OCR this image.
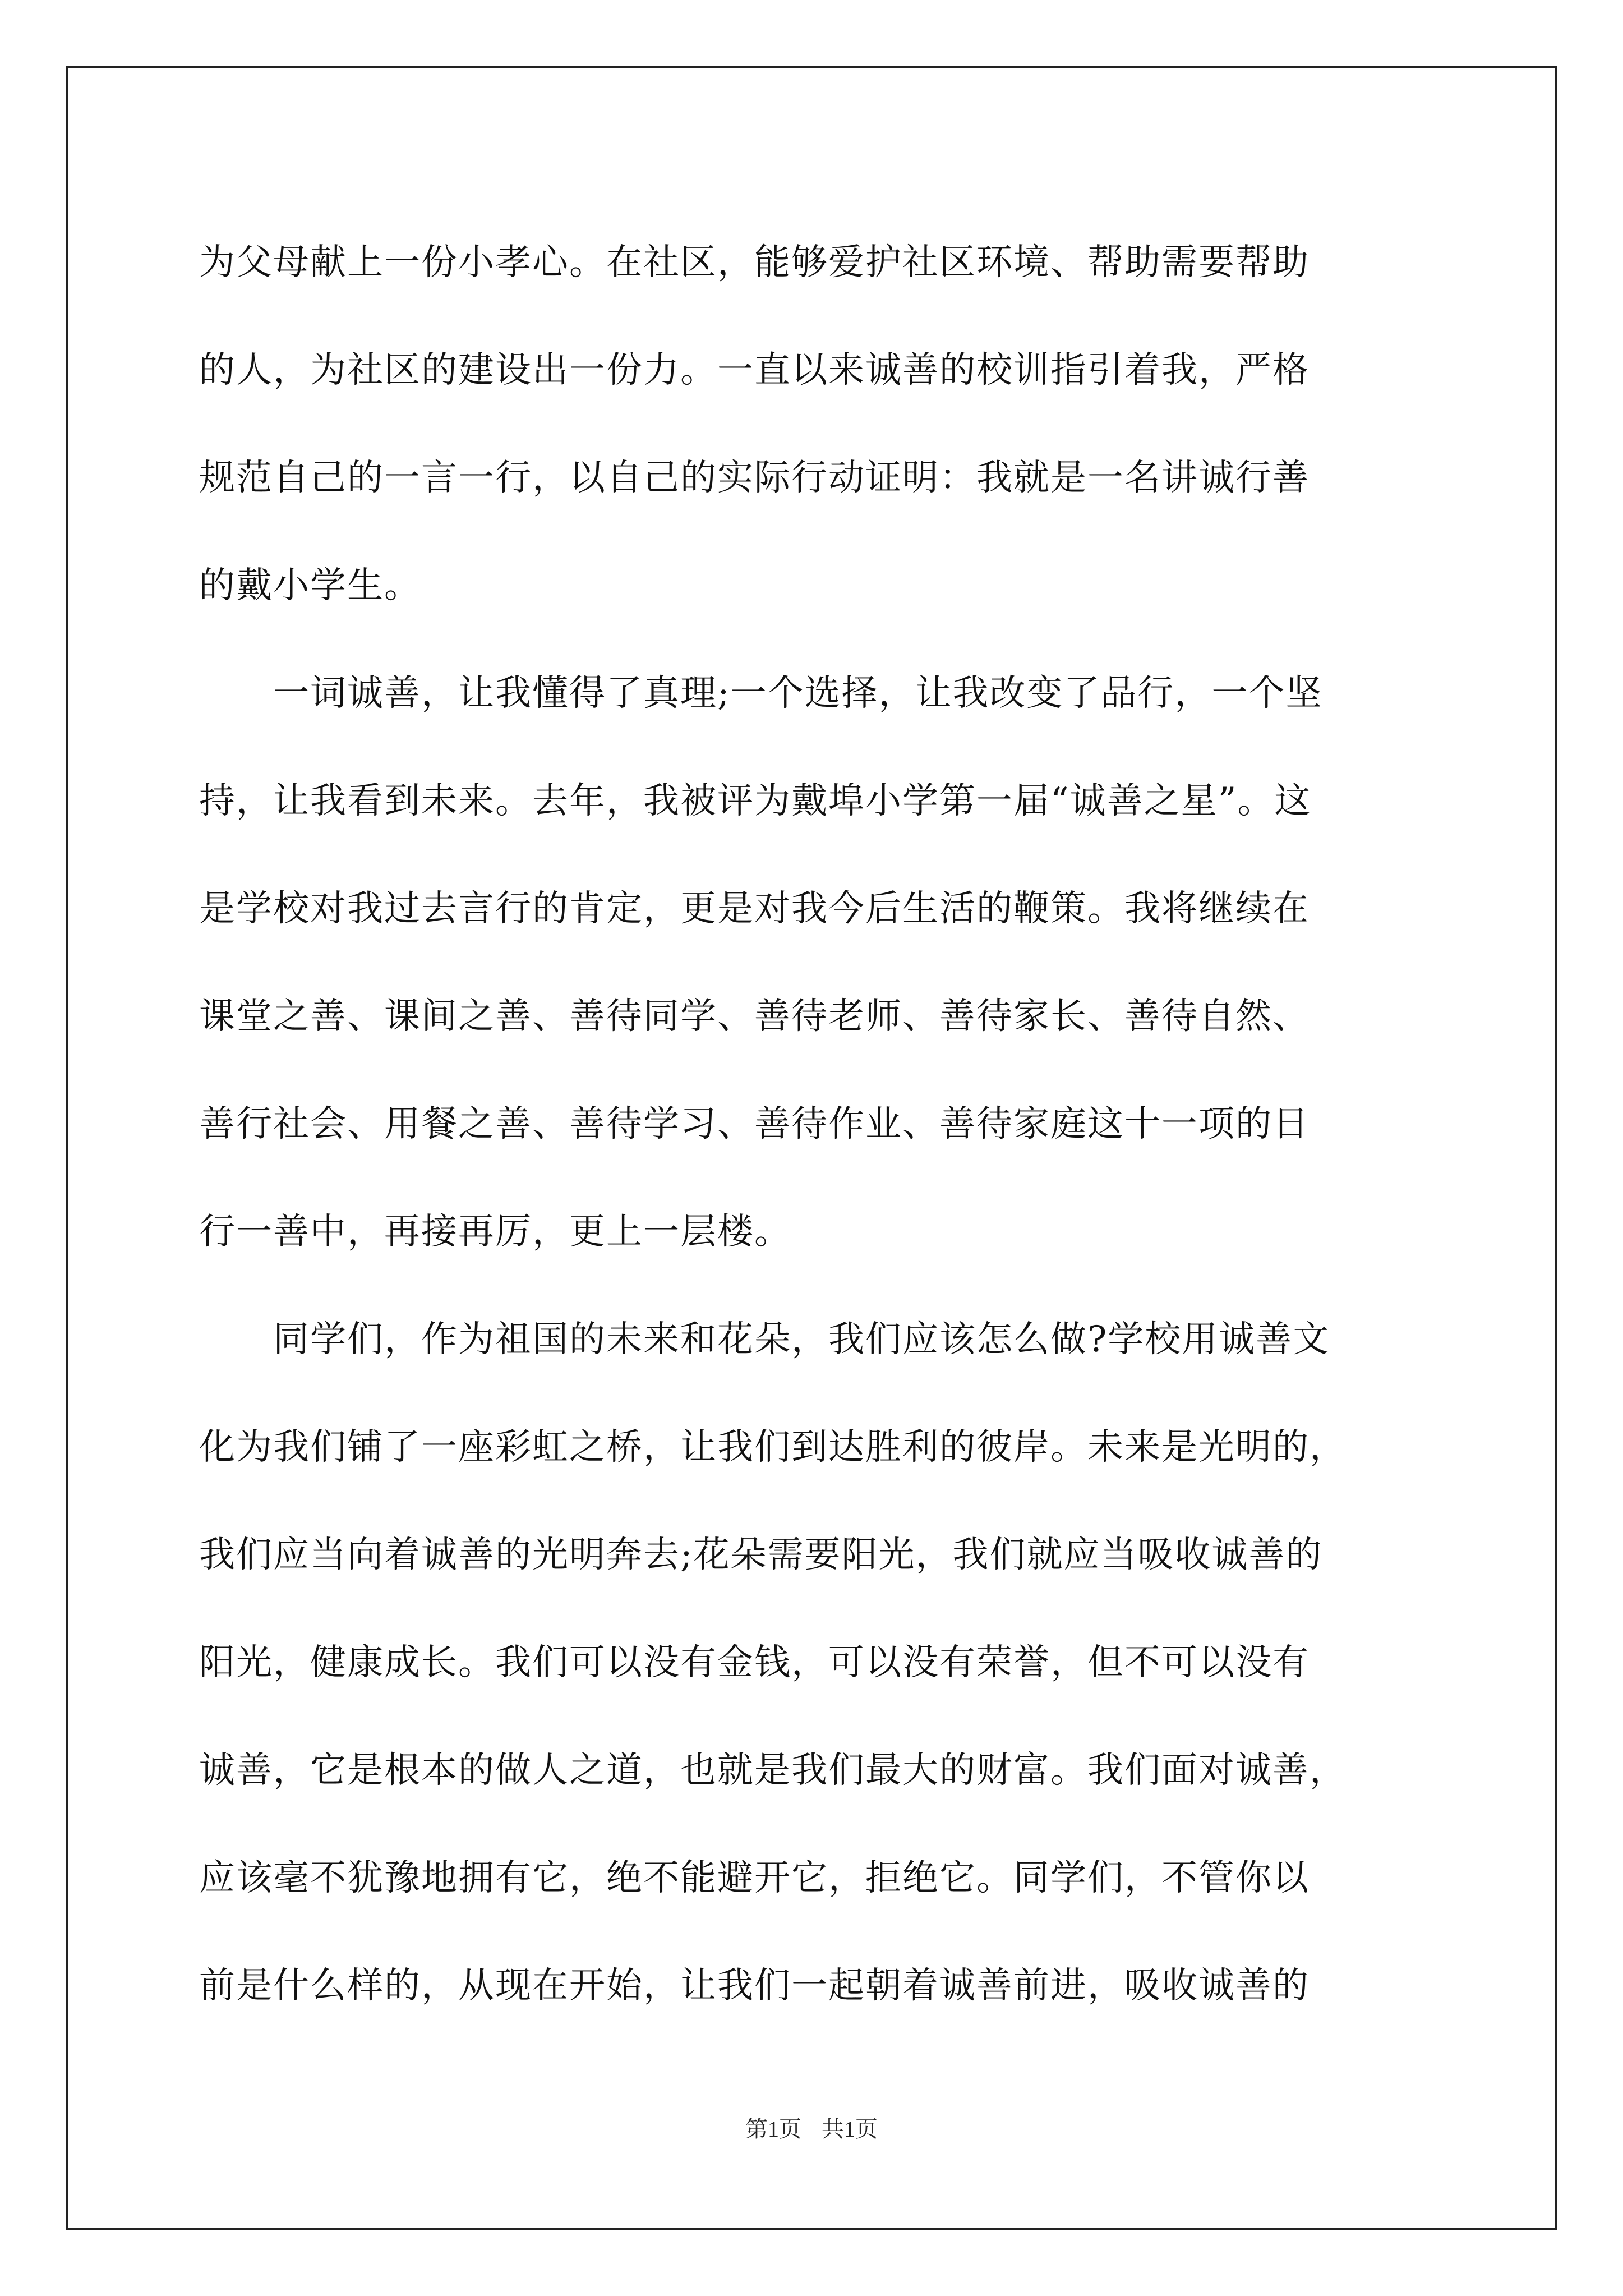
为父母献上一份小孝心。在社区，能够爱护社区环境、帮助需要帮助
的人，为社区的建设出一份力。一直以来诚善的校训指引着我，严格
规范自己的一言一行，以自己的实际行动证明：我就是一名讲诚行善
的戴小学生。
　　一词诚善，让我懂得了真理;一个选择，让我改变了品行，一个坚
持，让我看到未来。去年，我被评为戴埠小学第一届“诚善之星”。这
是学校对我过去言行的肯定，更是对我今后生活的鞭策。我将继续在
课堂之善、课间之善、善待同学、善待老师、善待家长、善待自然、
善行社会、用餐之善、善待学习、善待作业、善待家庭这十一项的日
行一善中，再接再厉，更上一层楼。
　　同学们，作为祖国的未来和花朵，我们应该怎么做?学校用诚善文
化为我们铺了一座彩虹之桥，让我们到达胜利的彼岸。未来是光明的，
我们应当向着诚善的光明奔去;花朵需要阳光，我们就应当吸收诚善的
阳光，健康成长。我们可以没有金钱，可以没有荣誉，但不可以没有
诚善，它是根本的做人之道，也就是我们最大的财富。我们面对诚善，
应该毫不犹豫地拥有它，绝不能避开它，拒绝它。同学们，不管你以
前是什么样的，从现在开始，让我们一起朝着诚善前进，吸收诚善的
第1页 共1页
